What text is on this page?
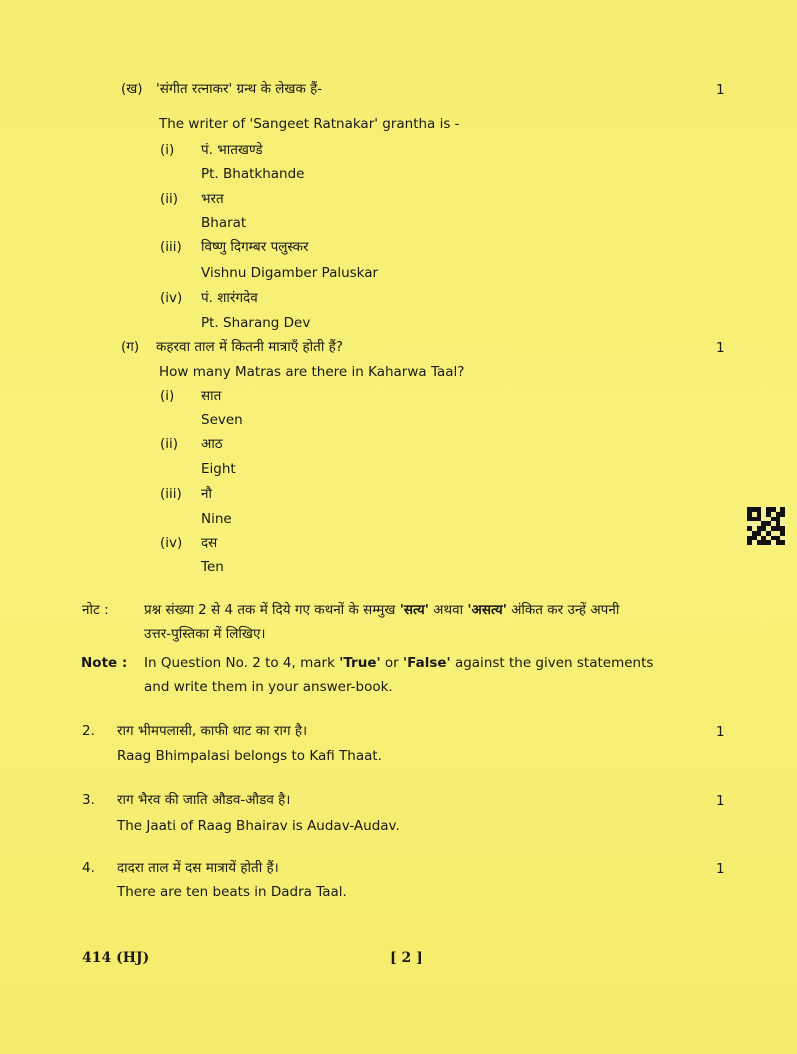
(ख) 'संगीत रत्नाकर' ग्रन्थ के लेखक हैं-	1
The writer of 'Sangeet Ratnakar' grantha is -
(i) पं. भातखण्डे
Pt. Bhatkhande
(ii) भरत
Bharat
(iii) विष्णु दिगम्बर पलुस्कर
Vishnu Digamber Paluskar
(iv) पं. शारंगदेव
Pt. Sharang Dev
(ग) कहरवा ताल में कितनी मात्राएँ होती हैं?	1
How many Matras are there in Kaharwa Taal?
(i) सात
Seven
(ii) आठ
Eight
(iii) नौ
Nine
(iv) दस
Ten
नोट :	प्रश्न संख्या 2 से 4 तक में दिये गए कथनों के सम्मुख 'सत्य' अथवा 'असत्य' अंकित कर उन्हें अपनी
उत्तर-पुस्तिका में लिखिए।
Note : In Question No. 2 to 4, mark 'True' or 'False' against the given statements
and write them in your answer-book.
2. राग भीमपलासी, काफी थाट का राग है।	1
Raag Bhimpalasi belongs to Kafi Thaat.
3. राग भैरव की जाति औडव-औडव है।	1
The Jaati of Raag Bhairav is Audav-Audav.
4. दादरा ताल में दस मात्रायें होती हैं।	1
There are ten beats in Dadra Taal.
414 (HJ)	[ 2 ]
